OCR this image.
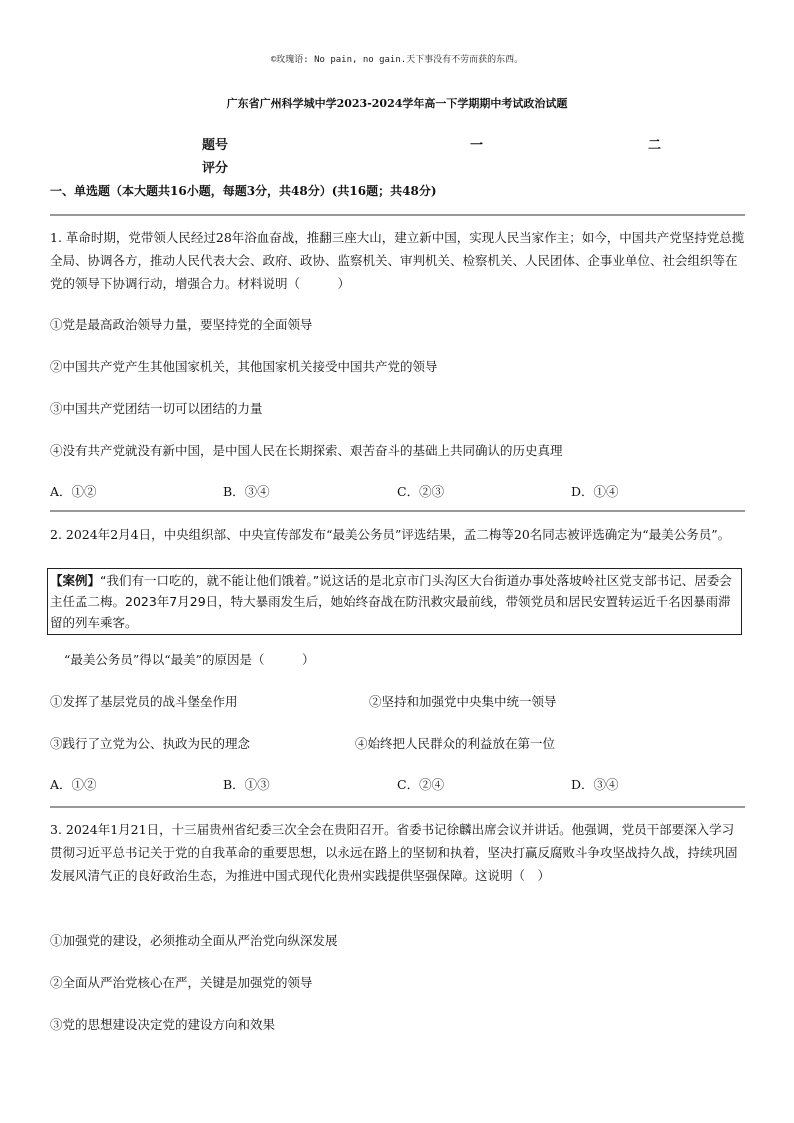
©玫瑰语: No pain, no gain.天下事没有不劳而获的东西。
广东省广州科学城中学2023-2024学年高一下学期期中考试政治试题
题号	一	二
评分
一、单选题（本大题共16小题，每题3分，共48分）(共16题；共48分)
1. 革命时期，党带领人民经过28年浴血奋战，推翻三座大山，建立新中国，实现人民当家作主；如今，中国共产党坚持党总揽全局、协调各方，推动人民代表大会、政府、政协、监察机关、审判机关、检察机关、人民团体、企事业单位、社会组织等在党的领导下协调行动，增强合力。材料说明（　　　）
①党是最高政治领导力量，要坚持党的全面领导
②中国共产党产生其他国家机关，其他国家机关接受中国共产党的领导
③中国共产党团结一切可以团结的力量
④没有共产党就没有新中国，是中国人民在长期探索、艰苦奋斗的基础上共同确认的历史真理
A．①②	B．③④	C．②③	D．①④
2. 2024年2月4日，中央组织部、中央宣传部发布“最美公务员”评选结果，孟二梅等20名同志被评选确定为“最美公务员”。
【案例】“我们有一口吃的，就不能让他们饿着。”说这话的是北京市门头沟区大台街道办事处落坡岭社区党支部书记、居委会主任孟二梅。2023年7月29日，特大暴雨发生后，她始终奋战在防汛救灾最前线，带领党员和居民安置转运近千名因暴雨滞留的列车乘客。
“最美公务员”得以“最美”的原因是（　　　）
①发挥了基层党员的战斗堡垒作用	②坚持和加强党中央集中统一领导
③践行了立党为公、执政为民的理念	④始终把人民群众的利益放在第一位
A．①②	B．①③	C．②④	D．③④
3. 2024年1月21日，十三届贵州省纪委三次全会在贵阳召开。省委书记徐麟出席会议并讲话。他强调，党员干部要深入学习贯彻习近平总书记关于党的自我革命的重要思想，以永远在路上的坚韧和执着，坚决打赢反腐败斗争攻坚战持久战，持续巩固发展风清气正的良好政治生态，为推进中国式现代化贵州实践提供坚强保障。这说明（　）
①加强党的建设，必须推动全面从严治党向纵深发展
②全面从严治党核心在严，关键是加强党的领导
③党的思想建设决定党的建设方向和效果
